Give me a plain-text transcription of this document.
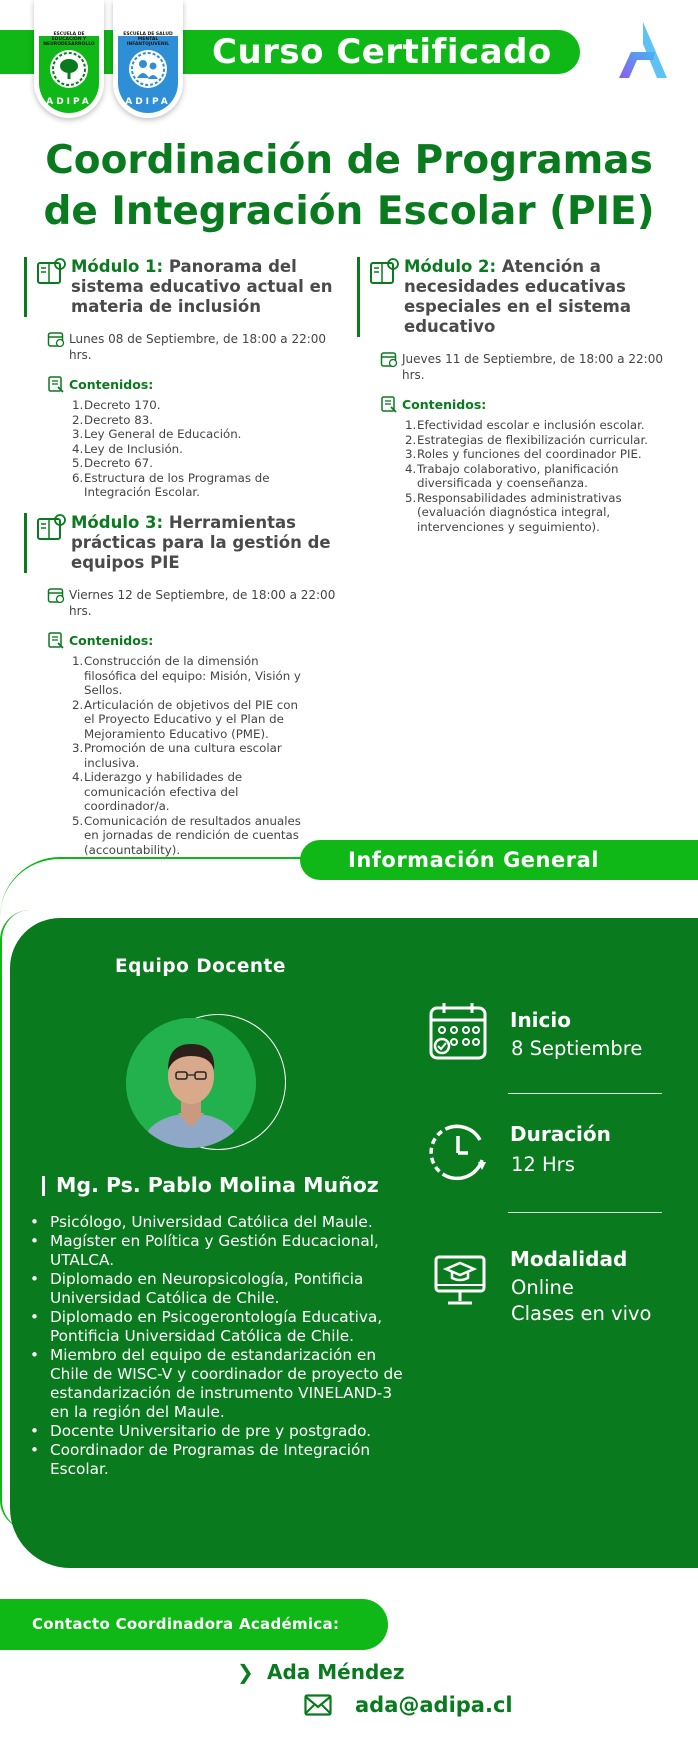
Curso Certificado
ESCUELA DE EDUCACIÓN Y NEURODESARROLLO
ADIPA
ESCUELA DE SALUD MENTAL INFANTOJUVENIL
ADIPA
Coordinación de Programas
de Integración Escolar (PIE)
Módulo 1: Panorama del
sistema educativo actual en
materia de inclusión
Lunes 08 de Septiembre, de 18:00 a 22:00 hrs.
Contenidos:
1. Decreto 170.
2. Decreto 83.
3. Ley General de Educación.
4. Ley de Inclusión.
5. Decreto 67.
6. Estructura de los Programas de Integración Escolar.
Módulo 2: Atención a
necesidades educativas
especiales en el sistema
educativo
Jueves 11 de Septiembre, de 18:00 a 22:00 hrs.
Contenidos:
1. Efectividad escolar e inclusión escolar.
2. Estrategias de flexibilización curricular.
3. Roles y funciones del coordinador PIE.
4. Trabajo colaborativo, planificación diversificada y coenseñanza.
5. Responsabilidades administrativas (evaluación diagnóstica integral, intervenciones y seguimiento).
Módulo 3: Herramientas
prácticas para la gestión de
equipos PIE
Viernes 12 de Septiembre, de 18:00 a 22:00 hrs.
Contenidos:
1. Construcción de la dimensión filosófica del equipo: Misión, Visión y Sellos.
2. Articulación de objetivos del PIE con el Proyecto Educativo y el Plan de Mejoramiento Educativo (PME).
3. Promoción de una cultura escolar inclusiva.
4. Liderazgo y habilidades de comunicación efectiva del coordinador/a.
5. Comunicación de resultados anuales en jornadas de rendición de cuentas (accountability).	Información General
Equipo Docente
Mg. Ps. Pablo Molina Muñoz
• Psicólogo, Universidad Católica del Maule.
• Magíster en Política y Gestión Educacional, UTALCA.
• Diplomado en Neuropsicología, Pontificia Universidad Católica de Chile.
• Diplomado en Psicogerontología Educativa, Pontificia Universidad Católica de Chile.
• Miembro del equipo de estandarización en Chile de WISC-V y coordinador de proyecto de estandarización de instrumento VINELAND-3 en la región del Maule.
• Docente Universitario de pre y postgrado.
• Coordinador de Programas de Integración Escolar.
Inicio
8 Septiembre
Duración
12 Hrs
Modalidad
Online
Clases en vivo
Contacto Coordinadora Académica:
❯ Ada Méndez
ada@adipa.cl
